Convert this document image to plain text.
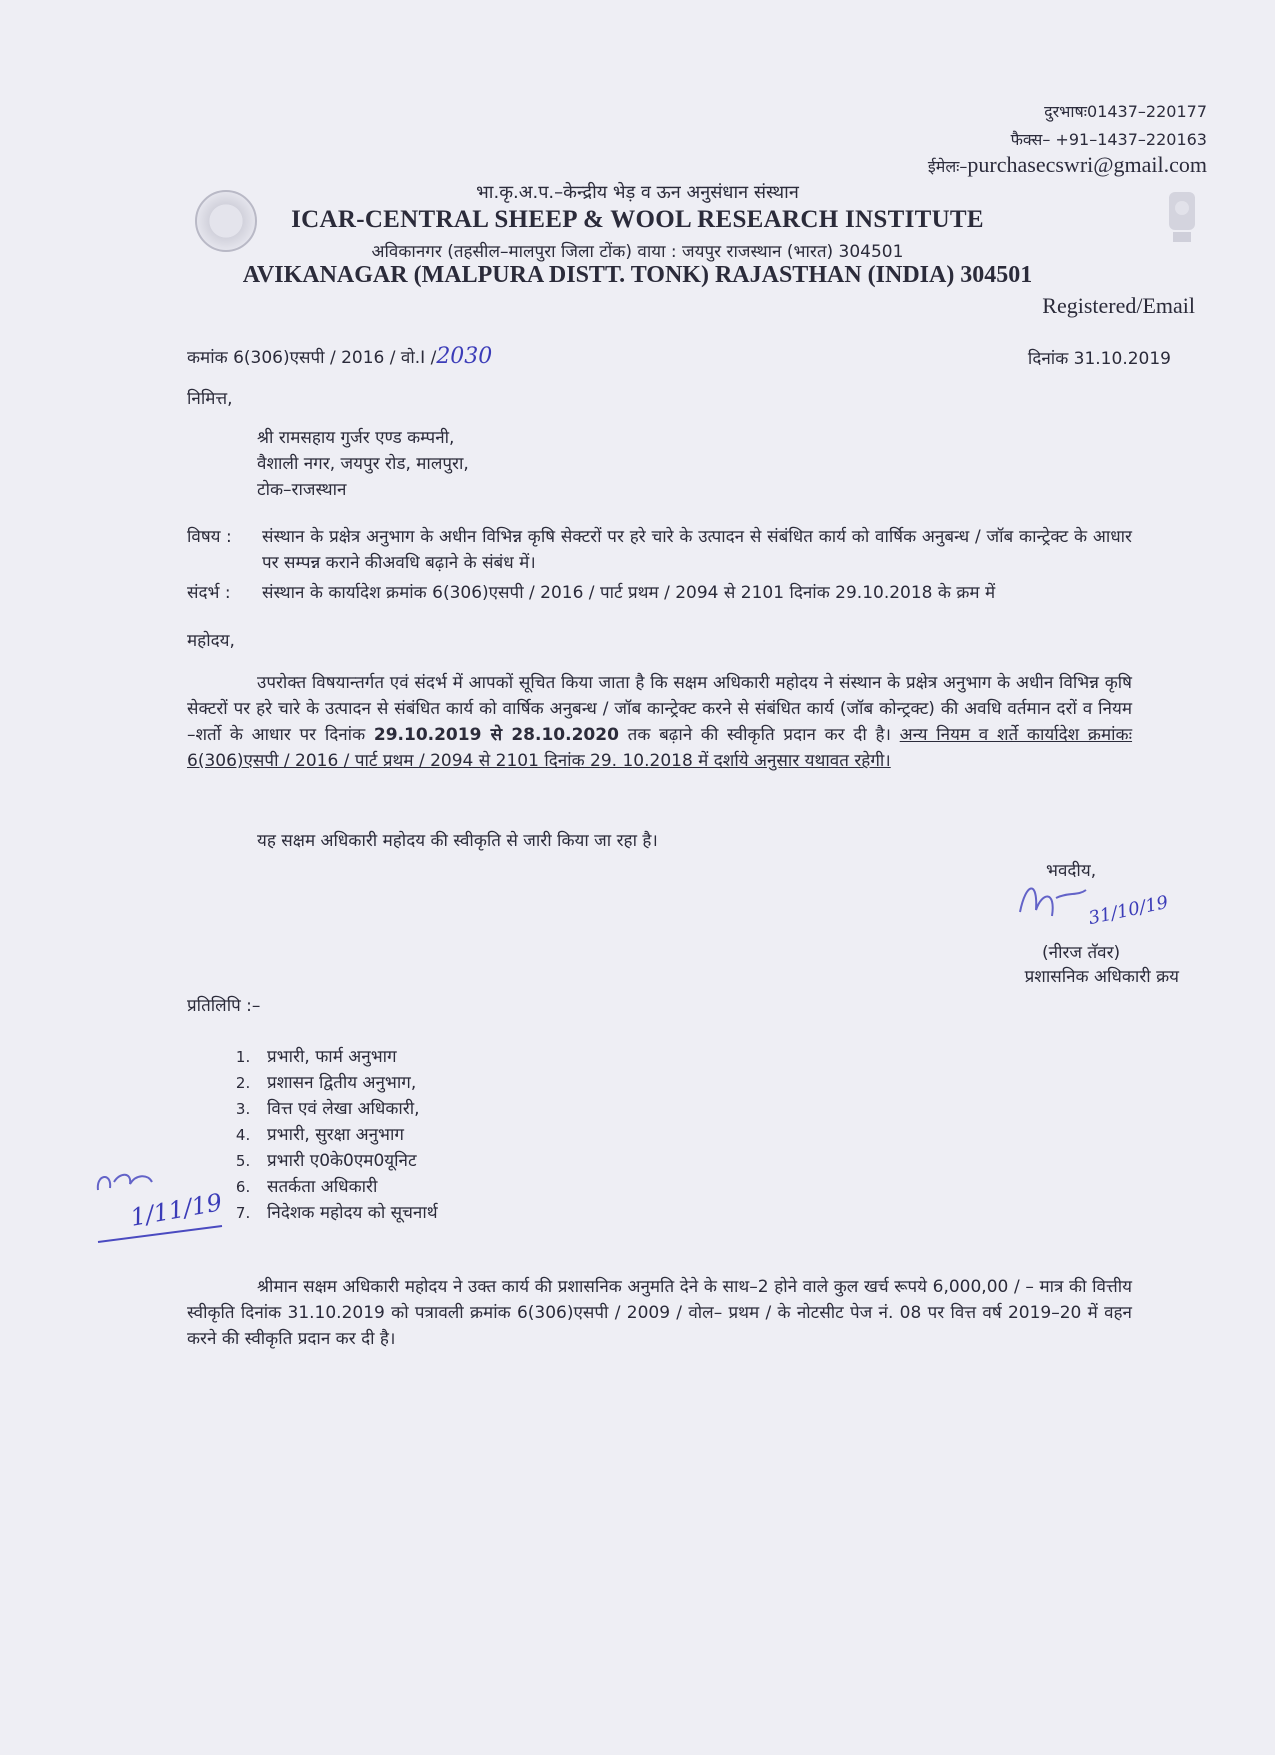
दुरभाषः01437–220177
फैक्स– +91–1437–220163
ईमेलः–purchasecswri@gmail.com
भा.कृ.अ.प.–केन्द्रीय भेड़ व ऊन अनुसंधान संस्थान
ICAR-CENTRAL SHEEP & WOOL RESEARCH INSTITUTE
अविकानगर (तहसील–मालपुरा जिला टोंक) वाया : जयपुर राजस्थान (भारत) 304501
AVIKANAGAR (MALPURA DISTT. TONK) RAJASTHAN (INDIA) 304501
Registered/Email
कमांक 6(306)एसपी / 2016 / वो.I /2030	दिनांक 31.10.2019
निमित्त,
श्री रामसहाय गुर्जर एण्ड कम्पनी,
वैशाली नगर, जयपुर रोड, मालपुरा,
टोक–राजस्थान
विषय : संस्थान के प्रक्षेत्र अनुभाग के अधीन विभिन्न कृषि सेक्टरों पर हरे चारे के उत्पादन से संबंधित कार्य को वार्षिक अनुबन्ध / जॉब कान्ट्रेक्ट के आधार पर सम्पन्न कराने कीअवधि बढ़ाने के संबंध में।
संदर्भ : संस्थान के कार्यादेश क्रमांक 6(306)एसपी / 2016 / पार्ट प्रथम / 2094 से 2101 दिनांक 29.10.2018 के क्रम में
महोदय,

उपरोक्त विषयान्तर्गत एवं संदर्भ में आपकों सूचित किया जाता है कि सक्षम अधिकारी महोदय ने संस्थान के प्रक्षेत्र अनुभाग के अधीन विभिन्न कृषि सेक्टरों पर हरे चारे के उत्पादन से संबंधित कार्य को वार्षिक अनुबन्ध / जॉब कान्ट्रेक्ट करने से संबंधित कार्य (जॉब कोन्ट्रक्ट) की अवधि वर्तमान दरों व नियम –शर्तो के आधार पर दिनांक 29.10.2019 से 28.10.2020 तक बढ़ाने की स्वीकृति प्रदान कर दी है। अन्य नियम व शर्ते कार्यादेश क्रमांकः 6(306)एसपी / 2016 / पार्ट प्रथम / 2094 से 2101 दिनांक 29. 10.2018 में दर्शाये अनुसार यथावत रहेगी।

यह सक्षम अधिकारी महोदय की स्वीकृति से जारी किया जा रहा है।

भवदीय,
31/10/19
(नीरज तॅवर)
प्रशासनिक अधिकारी क्रय
प्रतिलिपि :–
1. प्रभारी, फार्म अनुभाग
2. प्रशासन द्वितीय अनुभाग,
3. वित्त एवं लेखा अधिकारी,
4. प्रभारी, सुरक्षा अनुभाग
5. प्रभारी ए0के0एम0यूनिट
6. सतर्कता अधिकारी
7. निदेशक महोदय को सूचनार्थ
1/11/19

श्रीमान सक्षम अधिकारी महोदय ने उक्त कार्य की प्रशासनिक अनुमति देने के साथ–2 होने वाले कुल खर्च रूपये 6,000,00 / – मात्र की वित्तीय स्वीकृति दिनांक 31.10.2019 को पत्रावली क्रमांक 6(306)एसपी / 2009 / वोल– प्रथम / के नोटसीट पेज नं. 08 पर वित्त वर्ष 2019–20 में वहन करने की स्वीकृति प्रदान कर दी है।
